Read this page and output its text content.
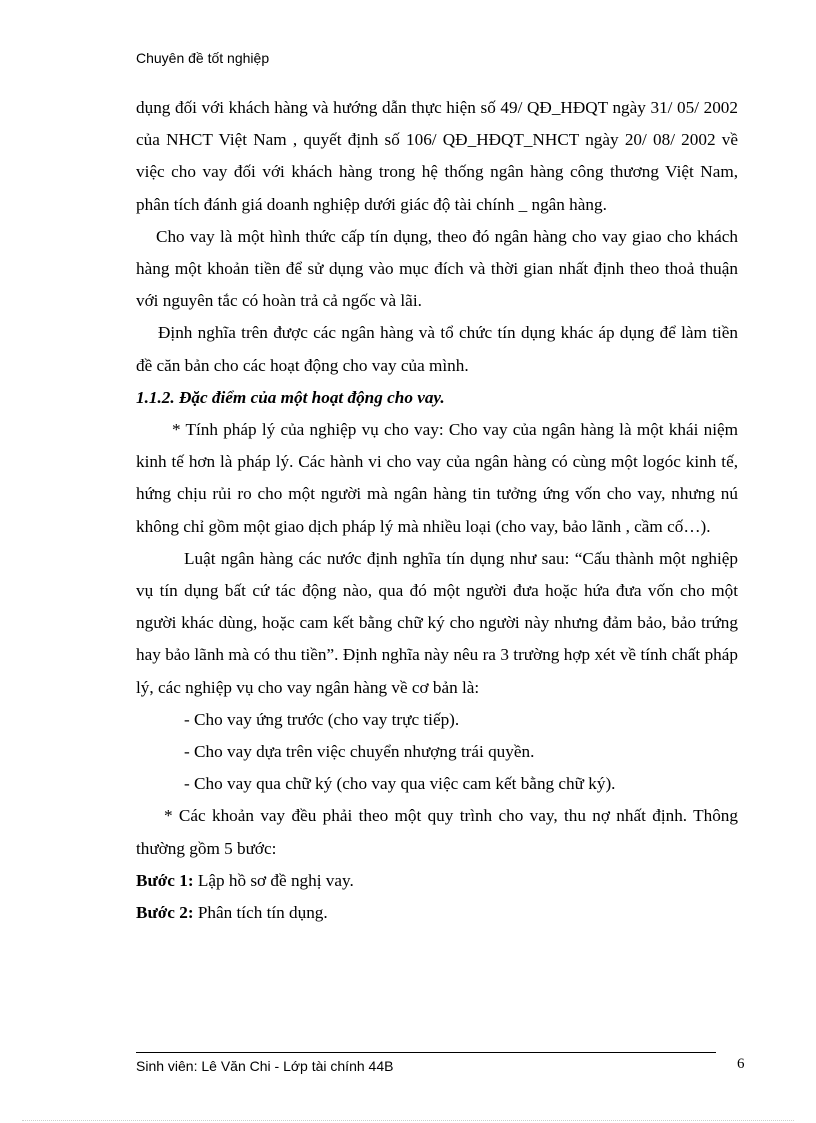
Chuyên đề tốt nghiệp

dụng đối với khách hàng và hướng dẫn thực hiện số 49/ QĐ_HĐQT ngày 31/ 05/ 2002 của NHCT Việt Nam , quyết định số 106/ QĐ_HĐQT_NHCT ngày 20/ 08/ 2002 về việc cho vay đối với khách hàng trong hệ thống ngân hàng công thương Việt Nam, phân tích đánh giá doanh nghiệp dưới giác độ tài chính _ ngân hàng.

Cho vay là một hình thức cấp tín dụng, theo đó ngân hàng cho vay giao cho khách hàng một khoản tiền để sử dụng vào mục đích và thời gian nhất định theo thoả thuận với nguyên tắc có hoàn trả cả ngốc và lãi.

Định nghĩa trên được các ngân hàng và tổ chức tín dụng khác áp dụng để làm tiền đề căn bản cho các hoạt động cho vay của mình.

1.1.2. Đặc điểm của một hoạt động cho vay.

* Tính pháp lý của nghiệp vụ cho vay: Cho vay của ngân hàng là một khái niệm kinh tế hơn là pháp lý. Các hành vi cho vay của ngân hàng có cùng một logóc kinh tế, hứng chịu rủi ro cho một người mà ngân hàng tin tưởng ứng vốn cho vay, nhưng nú không chỉ gồm một giao dịch pháp lý mà nhiều loại (cho vay, bảo lãnh , cầm cố…).

Luật ngân hàng các nước định nghĩa tín dụng như sau: “Cấu thành một nghiệp vụ tín dụng bất cứ tác động nào, qua đó một người đưa hoặc hứa đưa vốn cho một người khác dùng, hoặc cam kết bằng chữ ký cho người này nhưng đảm bảo, bảo trứng hay bảo lãnh mà có thu tiền”. Định nghĩa này nêu ra 3 trường hợp xét về tính chất pháp lý, các nghiệp vụ cho vay ngân hàng về cơ bản là:

- Cho vay ứng trước (cho vay trực tiếp).

- Cho vay dựa trên việc chuyển nhượng trái quyền.

- Cho vay qua chữ ký (cho vay qua việc cam kết bằng chữ ký).

* Các khoản vay đều phải theo một quy trình cho vay, thu nợ nhất định. Thông thường gồm 5 bước:

Bước 1: Lập hồ sơ đề nghị vay.

Bước 2: Phân tích tín dụng.

Sinh viên: Lê Văn Chi - Lớp tài chính 44B	6
